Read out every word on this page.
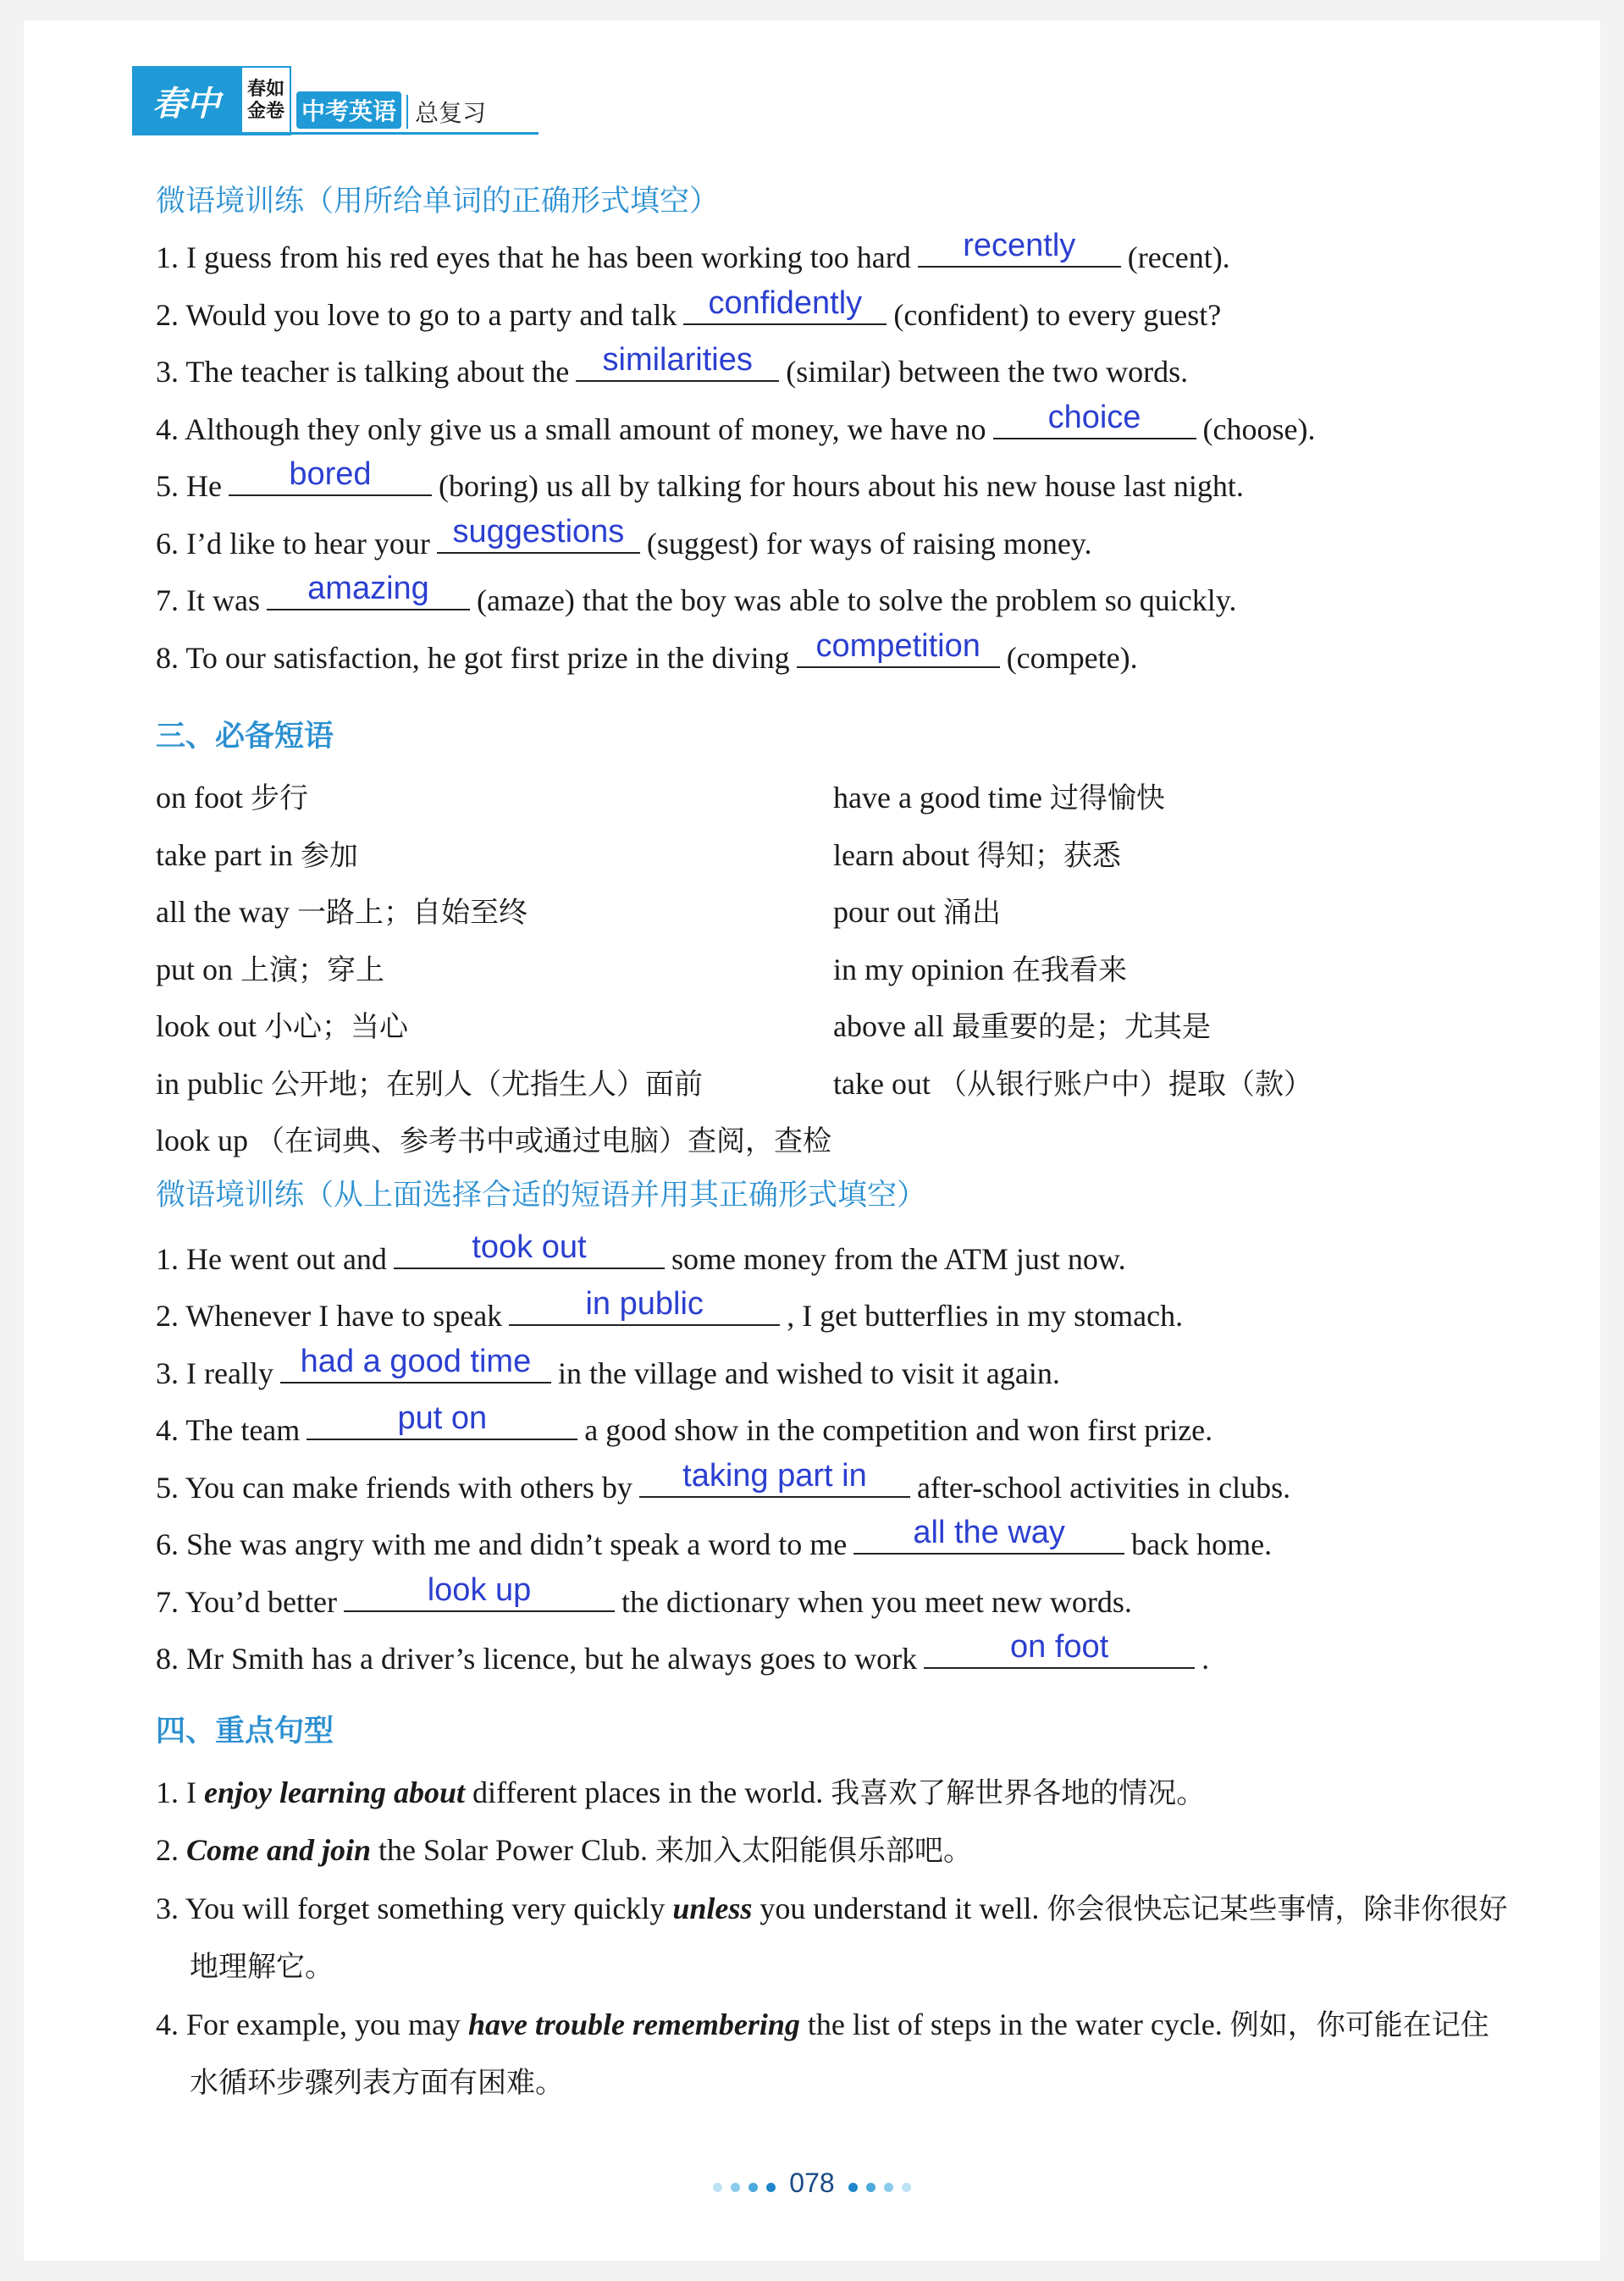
春中	春如
金卷 中考英语 总复习
微语境训练（用所给单词的正确形式填空）
1. I guess from his red eyes that he has been working too hard	recently	(recent).
2. Would you love to go to a party and talk confidently	(confident) to every guest?
3. The teacher is talking about the	similarities	(similar) between the two words.
4. Although they only give us a small amount of money, we have no	choice	(choose).
5. He	bored	(boring) us all by talking for hours about his new house last night.
6. I’d like to hear your suggestions (suggest) for ways of raising money.
7. It was	amazing	(amaze) that the boy was able to solve the problem so quickly.
8. To our satisfaction, he got first prize in the diving competition (compete).
三、必备短语
on foot 步行	have a good time 过得愉快
take part in 参加	learn about 得知；获悉
all the way 一路上；自始至终	pour out 涌出
put on 上演；穿上	in my opinion 在我看来
look out 小心；当心	above all 最重要的是；尤其是
in public 公开地；在别人（尤指生人）面前	take out （从银行账户中）提取（款）
look up （在词典、参考书中或通过电脑）查阅，查检
微语境训练（从上面选择合适的短语并用其正确形式填空）
1. He went out and	took out	some money from the ATM just now.
2. Whenever I have to speak	in public	, I get butterflies in my stomach.
3. I really had a good time in the village and wished to visit it again.
4. The team	put on	a good show in the competition and won first prize.
5. You can make friends with others by	taking part in	after-school activities in clubs.
6. She was angry with me and didn’t speak a word to me	all the way	back home.
7. You’d better	look up	the dictionary when you meet new words.
8. Mr Smith has a driver’s licence, but he always goes to work	on foot	.
四、重点句型
1. I enjoy learning about different places in the world. 我喜欢了解世界各地的情况。
2. Come and join the Solar Power Club. 来加入太阳能俱乐部吧。
3. You will forget something very quickly unless you understand it well. 你会很快忘记某些事情，除非你很好地理解它。
4. For example, you may have trouble remembering the list of steps in the water cycle. 例如，你可能在记住水循环步骤列表方面有困难。
078
